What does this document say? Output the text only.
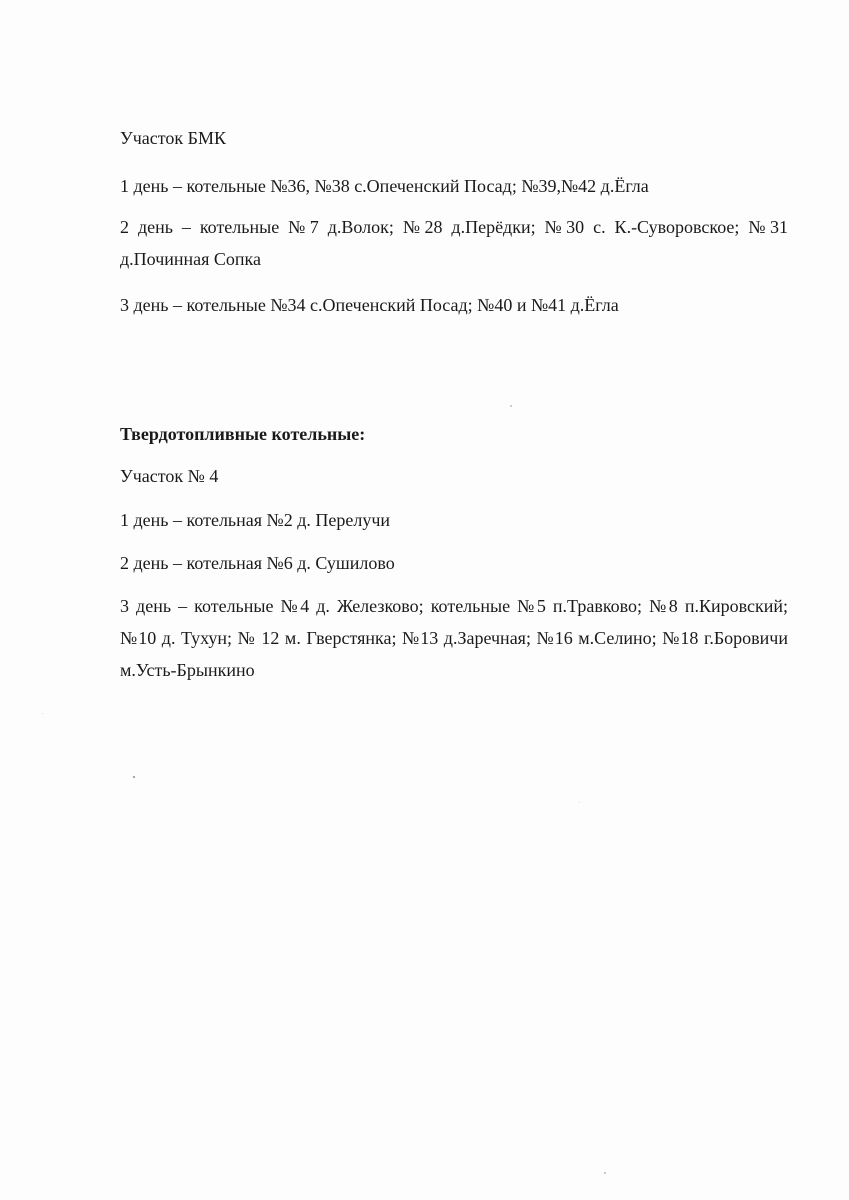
Участок БМК

1 день – котельные №36, №38 с.Опеченский Посад; №39,№42 д.Ёгла

2 день – котельные №7 д.Волок; №28 д.Перёдки; №30 с. К.-Суворовское; №31 д.Починная Сопка

3 день – котельные №34 с.Опеченский Посад; №40 и №41 д.Ёгла

Твердотопливные котельные:

Участок № 4

1 день – котельная №2 д. Перелучи

2 день – котельная №6 д. Сушилово

3 день – котельные №4 д. Железково; котельные №5 п.Травково; №8 п.Кировский; №10 д. Тухун; № 12 м. Гверстянка; №13 д.Заречная; №16 м.Селино; №18 г.Боровичи м.Усть-Брынкино
